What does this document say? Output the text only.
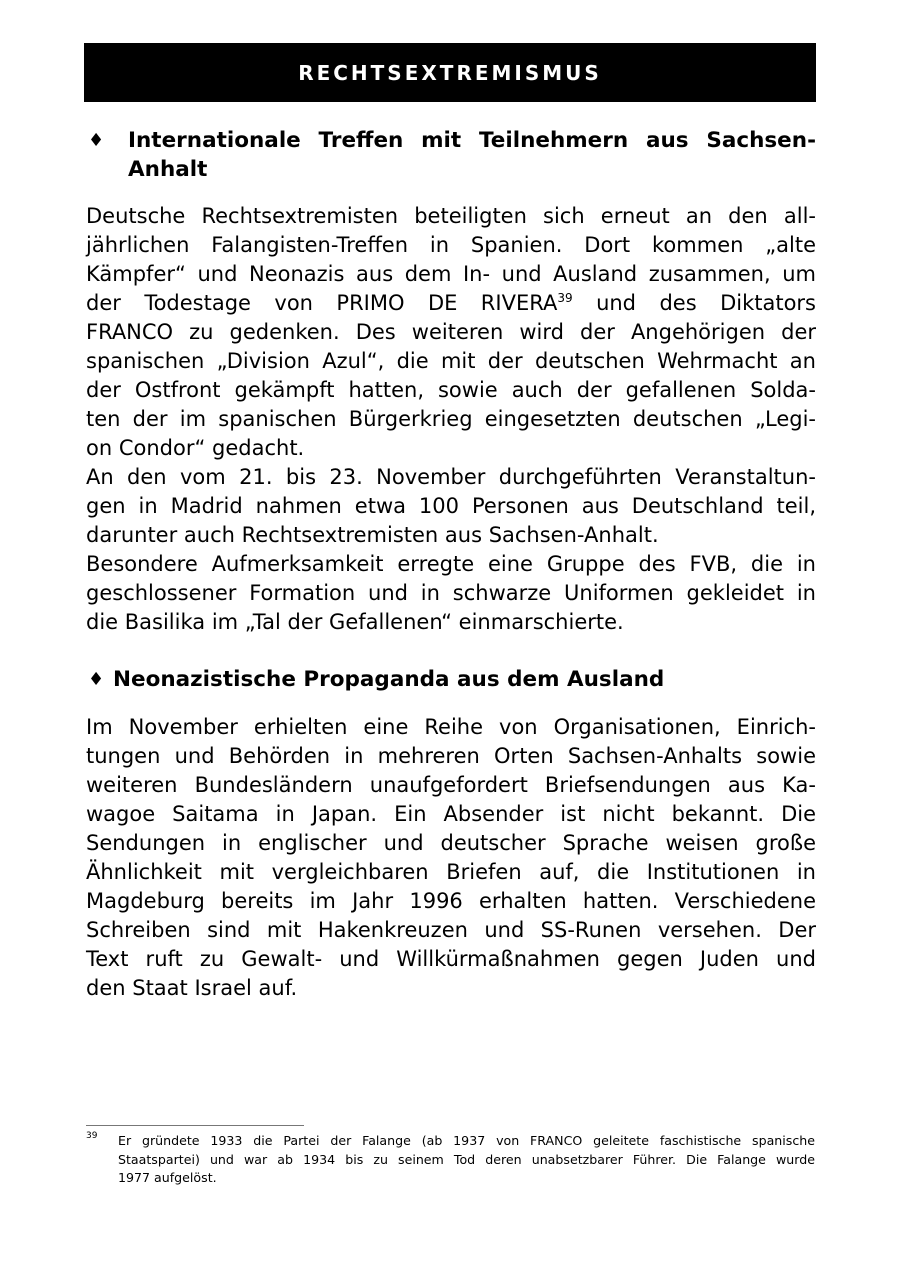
RECHTSEXTREMISMUS
♦ Internationale Treffen mit Teilnehmern aus Sachsen-
Anhalt
Deutsche Rechtsextremisten beteiligten sich erneut an den all-
jährlichen Falangisten-Treffen in Spanien. Dort kommen „alte
Kämpfer“ und Neonazis aus dem In- und Ausland zusammen, um
der Todestage von PRIMO DE RIVERA$^{39}$ und des Diktators
FRANCO zu gedenken. Des weiteren wird der Angehörigen der
spanischen „Division Azul“, die mit der deutschen Wehrmacht an
der Ostfront gekämpft hatten, sowie auch der gefallenen Solda-
ten der im spanischen Bürgerkrieg eingesetzten deutschen „Legi-
on Condor“ gedacht.
An den vom 21. bis 23. November durchgeführten Veranstaltun-
gen in Madrid nahmen etwa 100 Personen aus Deutschland teil,
darunter auch Rechtsextremisten aus Sachsen-Anhalt.
Besondere Aufmerksamkeit erregte eine Gruppe des FVB, die in
geschlossener Formation und in schwarze Uniformen gekleidet in
die Basilika im „Tal der Gefallenen“ einmarschierte.
♦ Neonazistische Propaganda aus dem Ausland
Im November erhielten eine Reihe von Organisationen, Einrich-
tungen und Behörden in mehreren Orten Sachsen-Anhalts sowie
weiteren Bundesländern unaufgefordert Briefsendungen aus Ka-
wagoe Saitama in Japan. Ein Absender ist nicht bekannt. Die
Sendungen in englischer und deutscher Sprache weisen große
Ähnlichkeit mit vergleichbaren Briefen auf, die Institutionen in
Magdeburg bereits im Jahr 1996 erhalten hatten. Verschiedene
Schreiben sind mit Hakenkreuzen und SS-Runen versehen. Der
Text ruft zu Gewalt- und Willkürmaßnahmen gegen Juden und
den Staat Israel auf.
39 Er gründete 1933 die Partei der Falange (ab 1937 von FRANCO geleitete faschistische spanische
Staatspartei) und war ab 1934 bis zu seinem Tod deren unabsetzbarer Führer. Die Falange wurde
1977 aufgelöst.
